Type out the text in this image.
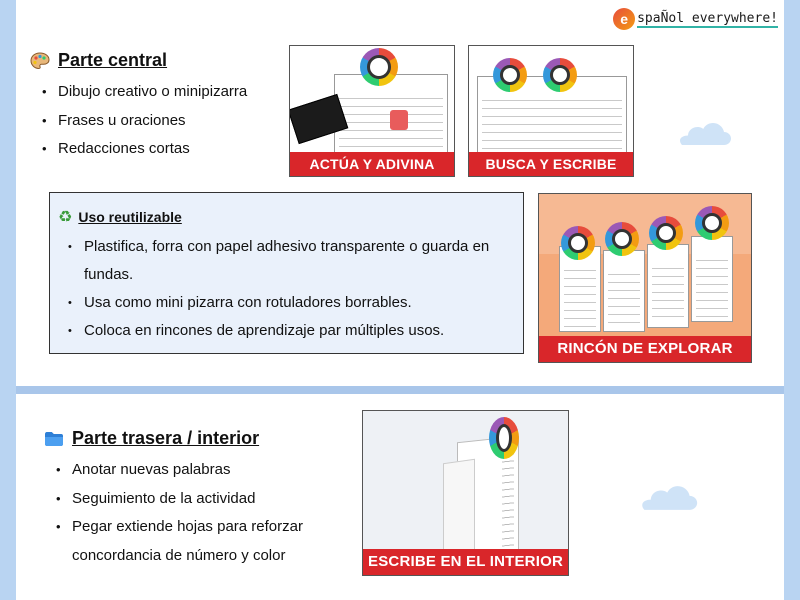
e spaÑol everywhere!
Parte central
• Dibujo creativo o minipizarra
• Frases u oraciones
• Redacciones cortas
ACTÚA Y ADIVINA	BUSCA Y ESCRIBE
♻ Uso reutilizable
• Plastifica, forra con papel adhesivo transparente o guarda en fundas.
• Usa como mini pizarra con rotuladores borrables.
• Coloca en rincones de aprendizaje par múltiples usos.
RINCÓN DE EXPLORAR
Parte trasera / interior
• Anotar nuevas palabras
• Seguimiento de la actividad
• Pegar extiende hojas para reforzar concordancia de número y color	ESCRIBE EN EL INTERIOR
